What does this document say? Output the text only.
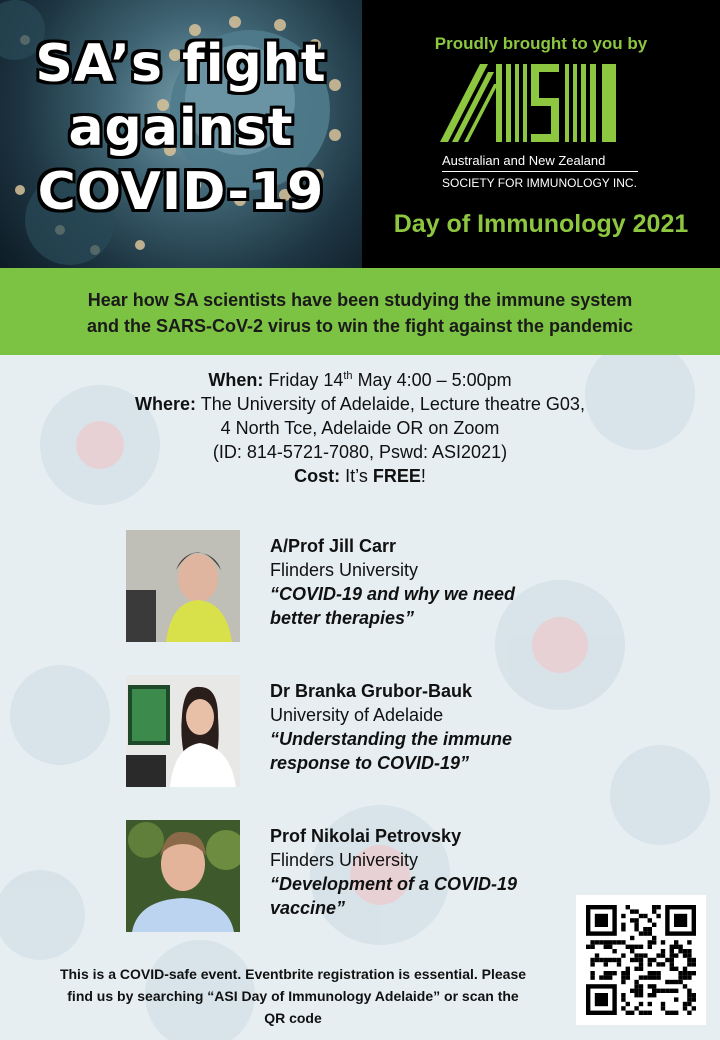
SA’s fight
against
COVID-19
Proudly brought to you by
Australian and New Zealand
SOCIETY FOR IMMUNOLOGY INC.
Day of Immunology 2021
Hear how SA scientists have been studying the immune system
and the SARS-CoV-2 virus to win the fight against the pandemic
When: Friday 14th May 4:00 – 5:00pm
Where: The University of Adelaide, Lecture theatre G03,
4 North Tce, Adelaide OR on Zoom
(ID: 814-5721-7080, Pswd: ASI2021)
Cost: It’s FREE!
A/Prof Jill Carr
Flinders University
“COVID-19 and why we need
better therapies”
Dr Branka Grubor-Bauk
University of Adelaide
“Understanding the immune
response to COVID-19”
Prof Nikolai Petrovsky
Flinders University
“Development of a COVID-19
vaccine”
This is a COVID-safe event. Eventbrite registration is essential. Please
find us by searching “ASI Day of Immunology Adelaide” or scan the
QR code
